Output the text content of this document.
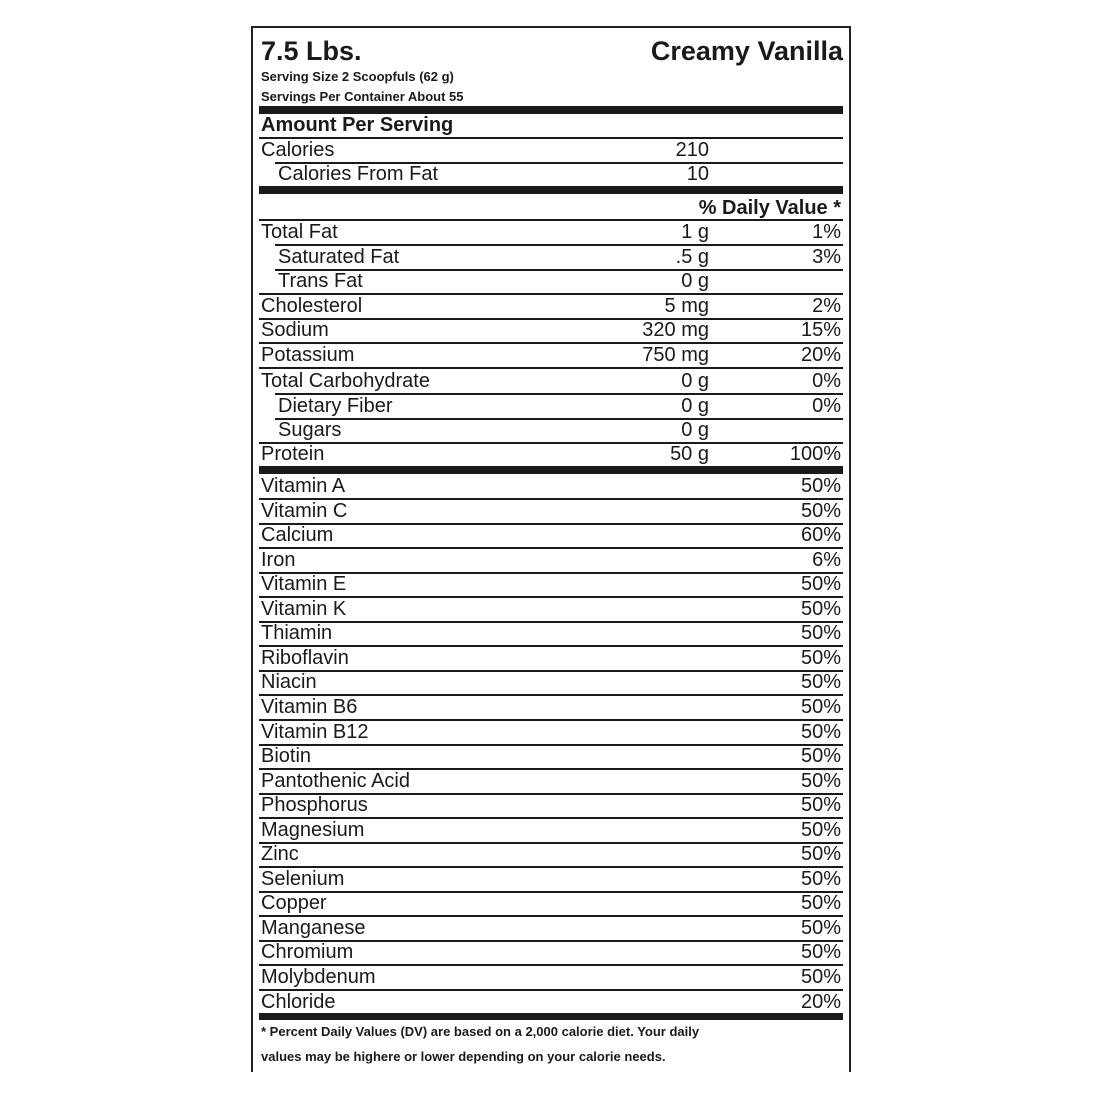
7.5 Lbs.	Creamy Vanilla
Serving Size 2 Scoopfuls (62 g)
Servings Per Container About 55
Amount Per Serving
Calories	210
Calories From Fat	10
% Daily Value *
Total Fat	1 g	1%
Saturated Fat	.5 g	3%
Trans Fat	0 g
Cholesterol	5 mg	2%
Sodium	320 mg	15%
Potassium	750 mg	20%
Total Carbohydrate	0 g	0%
Dietary Fiber	0 g	0%
Sugars	0 g
Protein	50 g	100%
Vitamin A	50%
Vitamin C	50%
Calcium	60%
Iron	6%
Vitamin E	50%
Vitamin K	50%
Thiamin	50%
Riboflavin	50%
Niacin	50%
Vitamin B6	50%
Vitamin B12	50%
Biotin	50%
Pantothenic Acid	50%
Phosphorus	50%
Magnesium	50%
Zinc	50%
Selenium	50%
Copper	50%
Manganese	50%
Chromium	50%
Molybdenum	50%
Chloride	20%
* Percent Daily Values (DV) are based on a 2,000 calorie diet. Your daily
values may be highere or lower depending on your calorie needs.
